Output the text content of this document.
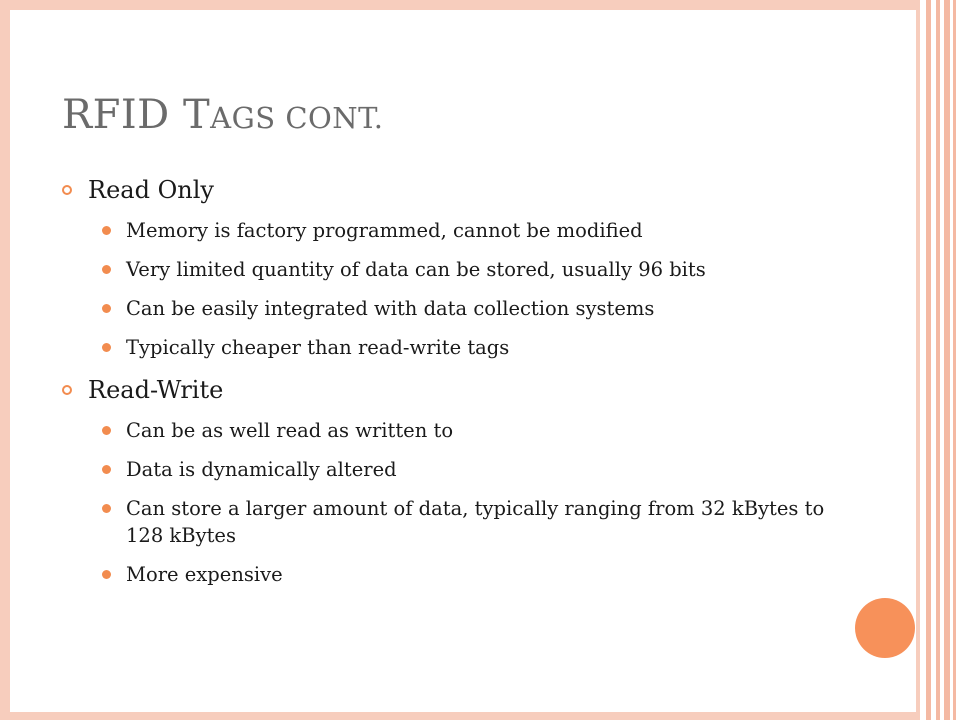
RFID TAGS CONT.
Read Only
Memory is factory programmed, cannot be modified
Very limited quantity of data can be stored, usually 96 bits
Can be easily integrated with data collection systems
Typically cheaper than read-write tags
Read-Write
Can be as well read as written to
Data is dynamically altered
Can store a larger amount of data, typically ranging from 32 kBytes to 128 kBytes
More expensive
